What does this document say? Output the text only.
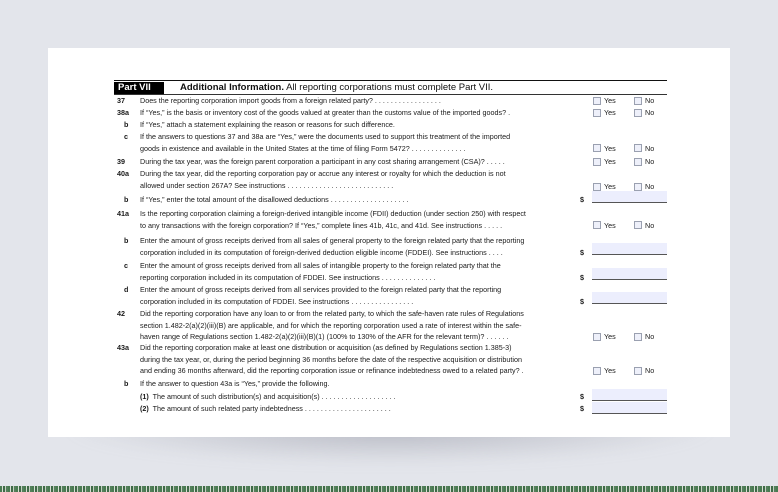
Part VII	Additional Information. All reporting corporations must complete Part VII.
37	Does the reporting corporation import goods from a foreign related party? . . . . . . . . . . . . . . . . .	Yes	No
38a	If “Yes,” is the basis or inventory cost of the goods valued at greater than the customs value of the imported goods? .	Yes	No
b	If “Yes,” attach a statement explaining the reason or reasons for such difference.
c	If the answers to questions 37 and 38a are “Yes,” were the documents used to support this treatment of the imported
goods in existence and available in the United States at the time of filing Form 5472? . . . . . . . . . . . . . .	Yes	No
39	During the tax year, was the foreign parent corporation a participant in any cost sharing arrangement (CSA)? . . . . .	Yes	No
40a	During the tax year, did the reporting corporation pay or accrue any interest or royalty for which the deduction is not
allowed under section 267A? See instructions . . . . . . . . . . . . . . . . . . . . . . . . . . .	Yes	No
b	If “Yes,” enter the total amount of the disallowed deductions . . . . . . . . . . . . . . . . . . . .	$
41a	Is the reporting corporation claiming a foreign-derived intangible income (FDII) deduction (under section 250) with respect
to any transactions with the foreign corporation? If “Yes,” complete lines 41b, 41c, and 41d. See instructions . . . . .	Yes	No
b	Enter the amount of gross receipts derived from all sales of general property to the foreign related party that the reporting
corporation included in its computation of foreign-derived deduction eligible income (FDDEI). See instructions . . . .	$
c	Enter the amount of gross receipts derived from all sales of intangible property to the foreign related party that the
reporting corporation included in its computation of FDDEI. See instructions . . . . . . . . . . . . . .	$
d	Enter the amount of gross receipts derived from all services provided to the foreign related party that the reporting
corporation included in its computation of FDDEI. See instructions . . . . . . . . . . . . . . . .	$
42	Did the reporting corporation have any loan to or from the related party, to which the safe-haven rate rules of Regulations
section 1.482-2(a)(2)(iii)(B) are applicable, and for which the reporting corporation used a rate of interest within the safe-
haven range of Regulations section 1.482-2(a)(2)(iii)(B)(1) (100% to 130% of the AFR for the relevant term)? . . . . . .	Yes	No
43a	Did the reporting corporation make at least one distribution or acquisition (as defined by Regulations section 1.385-3)
during the tax year, or, during the period beginning 36 months before the date of the respective acquisition or distribution
and ending 36 months afterward, did the reporting corporation issue or refinance indebtedness owed to a related party? .	Yes	No
b	If the answer to question 43a is “Yes,” provide the following.
(1) The amount of such distribution(s) and acquisition(s) . . . . . . . . . . . . . . . . . . .	$
(2) The amount of such related party indebtedness . . . . . . . . . . . . . . . . . . . . . .	$
